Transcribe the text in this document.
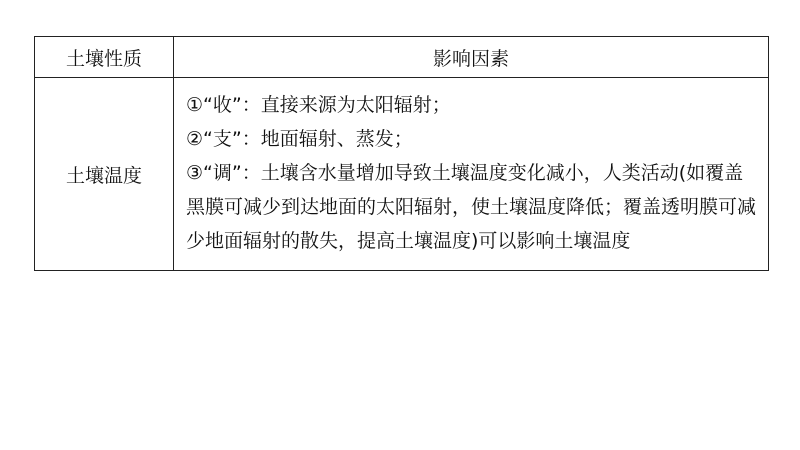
土壤性质	影响因素
土壤温度	①“收”：直接来源为太阳辐射；
②“支”：地面辐射、蒸发；
③“调”：土壤含水量增加导致土壤温度变化减小，人类活动(如覆盖黑膜可减少到达地面的太阳辐射，使土壤温度降低；覆盖透明膜可减少地面辐射的散失，提高土壤温度)可以影响土壤温度
